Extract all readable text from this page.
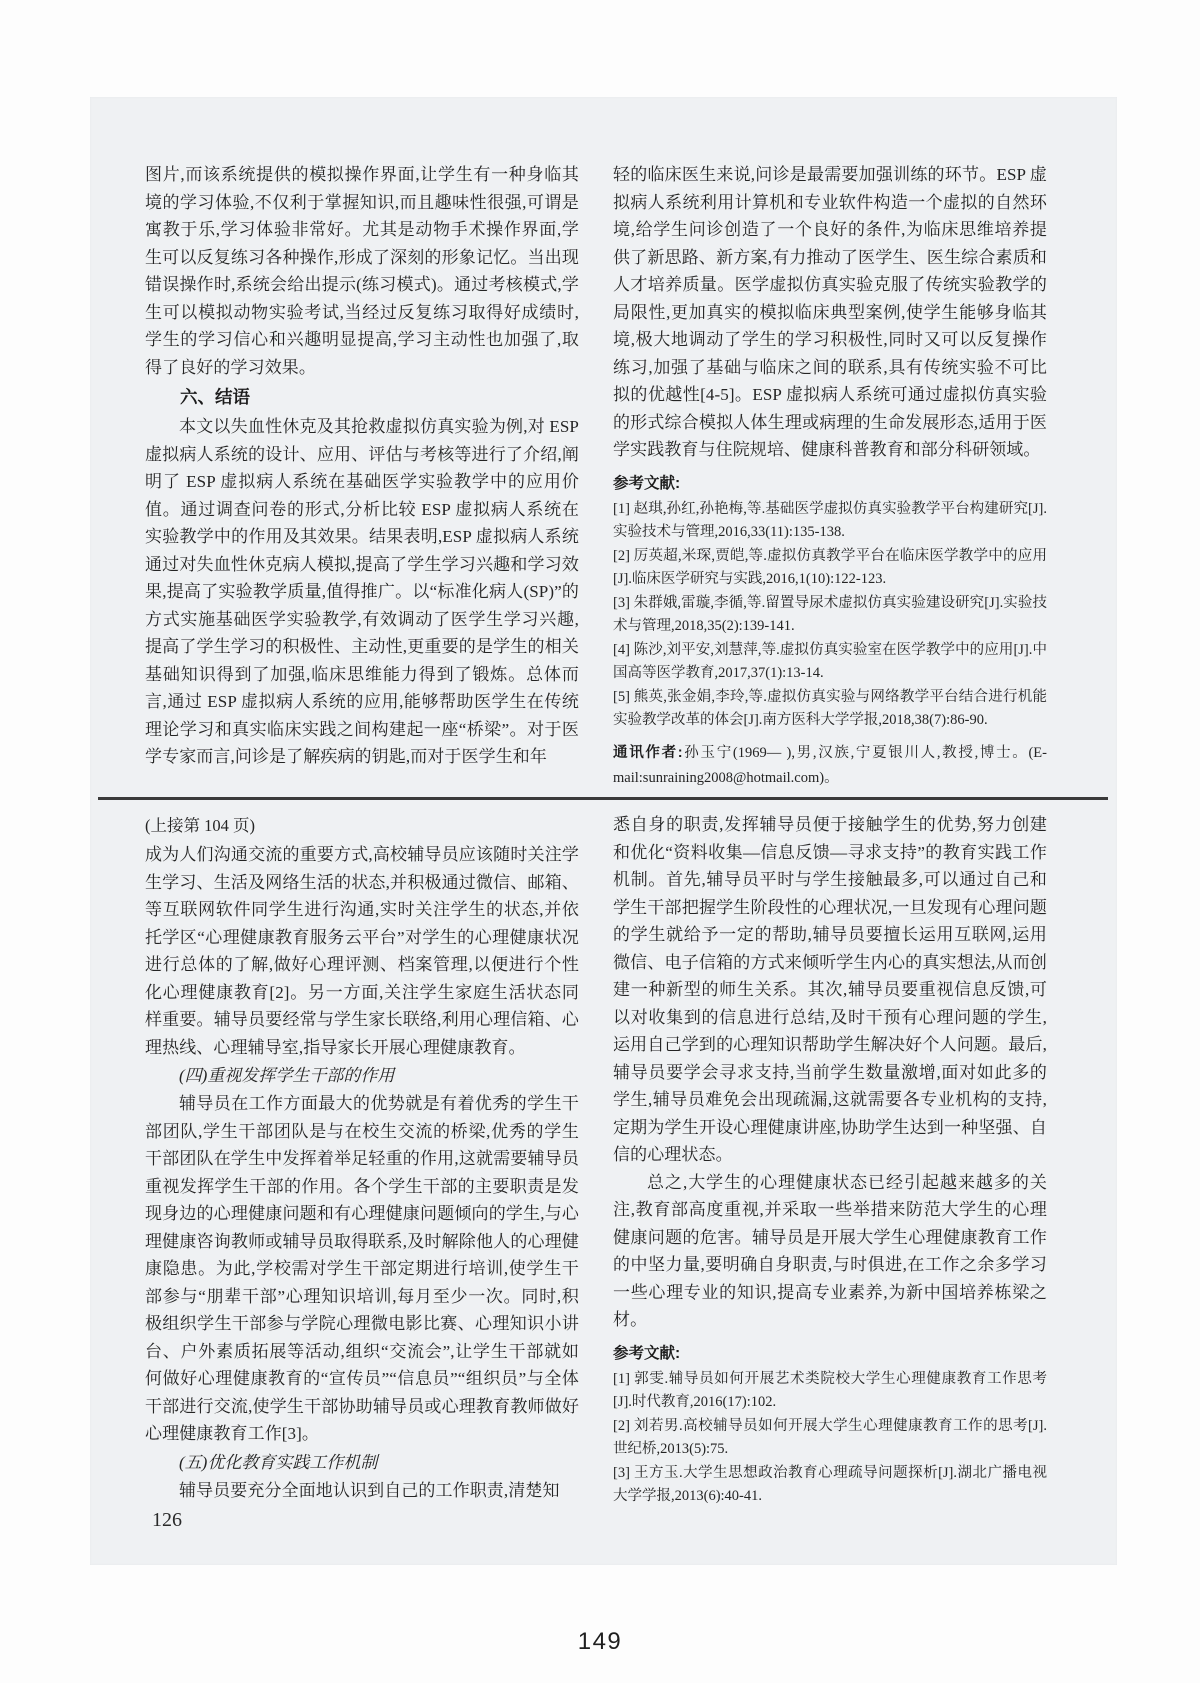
图片,而该系统提供的模拟操作界面,让学生有一种身临其境的学习体验,不仅利于掌握知识,而且趣味性很强,可谓是寓教于乐,学习体验非常好。尤其是动物手术操作界面,学生可以反复练习各种操作,形成了深刻的形象记忆。当出现错误操作时,系统会给出提示(练习模式)。通过考核模式,学生可以模拟动物实验考试,当经过反复练习取得好成绩时,学生的学习信心和兴趣明显提高,学习主动性也加强了,取得了良好的学习效果。

六、结语

本文以失血性休克及其抢救虚拟仿真实验为例,对 ESP 虚拟病人系统的设计、应用、评估与考核等进行了介绍,阐明了 ESP 虚拟病人系统在基础医学实验教学中的应用价值。通过调查问卷的形式,分析比较 ESP 虚拟病人系统在实验教学中的作用及其效果。结果表明,ESP 虚拟病人系统通过对失血性休克病人模拟,提高了学生学习兴趣和学习效果,提高了实验教学质量,值得推广。以“标准化病人(SP)”的方式实施基础医学实验教学,有效调动了医学生学习兴趣,提高了学生学习的积极性、主动性,更重要的是学生的相关基础知识得到了加强,临床思维能力得到了锻炼。总体而言,通过 ESP 虚拟病人系统的应用,能够帮助医学生在传统理论学习和真实临床实践之间构建起一座“桥梁”。对于医学专家而言,问诊是了解疾病的钥匙,而对于医学生和年

轻的临床医生来说,问诊是最需要加强训练的环节。ESP 虚拟病人系统利用计算机和专业软件构造一个虚拟的自然环境,给学生问诊创造了一个良好的条件,为临床思维培养提供了新思路、新方案,有力推动了医学生、医生综合素质和人才培养质量。医学虚拟仿真实验克服了传统实验教学的局限性,更加真实的模拟临床典型案例,使学生能够身临其境,极大地调动了学生的学习积极性,同时又可以反复操作练习,加强了基础与临床之间的联系,具有传统实验不可比拟的优越性[4-5]。ESP 虚拟病人系统可通过虚拟仿真实验的形式综合模拟人体生理或病理的生命发展形态,适用于医学实践教育与住院规培、健康科普教育和部分科研领域。

参考文献:

[1] 赵琪,孙红,孙艳梅,等.基础医学虚拟仿真实验教学平台构建研究[J].实验技术与管理,2016,33(11):135-138.

[2] 厉英超,米琛,贾皑,等.虚拟仿真教学平台在临床医学教学中的应用[J].临床医学研究与实践,2016,1(10):122-123.

[3] 朱群娥,雷璇,李循,等.留置导尿术虚拟仿真实验建设研究[J].实验技术与管理,2018,35(2):139-141.

[4] 陈沙,刘平安,刘慧萍,等.虚拟仿真实验室在医学教学中的应用[J].中国高等医学教育,2017,37(1):13-14.

[5] 熊英,张金娟,李玲,等.虚拟仿真实验与网络教学平台结合进行机能实验教学改革的体会[J].南方医科大学学报,2018,38(7):86-90.

通讯作者:孙玉宁(1969— ),男,汉族,宁夏银川人,教授,博士。(E-mail:sunraining2008@hotmail.com)。

(上接第 104 页)

成为人们沟通交流的重要方式,高校辅导员应该随时关注学生学习、生活及网络生活的状态,并积极通过微信、邮箱、等互联网软件同学生进行沟通,实时关注学生的状态,并依托学区“心理健康教育服务云平台”对学生的心理健康状况进行总体的了解,做好心理评测、档案管理,以便进行个性化心理健康教育[2]。另一方面,关注学生家庭生活状态同样重要。辅导员要经常与学生家长联络,利用心理信箱、心理热线、心理辅导室,指导家长开展心理健康教育。

(四)重视发挥学生干部的作用

辅导员在工作方面最大的优势就是有着优秀的学生干部团队,学生干部团队是与在校生交流的桥梁,优秀的学生干部团队在学生中发挥着举足轻重的作用,这就需要辅导员重视发挥学生干部的作用。各个学生干部的主要职责是发现身边的心理健康问题和有心理健康问题倾向的学生,与心理健康咨询教师或辅导员取得联系,及时解除他人的心理健康隐患。为此,学校需对学生干部定期进行培训,使学生干部参与“朋辈干部”心理知识培训,每月至少一次。同时,积极组织学生干部参与学院心理微电影比赛、心理知识小讲台、户外素质拓展等活动,组织“交流会”,让学生干部就如何做好心理健康教育的“宣传员”“信息员”“组织员”与全体干部进行交流,使学生干部协助辅导员或心理教育教师做好心理健康教育工作[3]。

(五)优化教育实践工作机制

辅导员要充分全面地认识到自己的工作职责,清楚知

悉自身的职责,发挥辅导员便于接触学生的优势,努力创建和优化“资料收集—信息反馈—寻求支持”的教育实践工作机制。首先,辅导员平时与学生接触最多,可以通过自己和学生干部把握学生阶段性的心理状况,一旦发现有心理问题的学生就给予一定的帮助,辅导员要擅长运用互联网,运用微信、电子信箱的方式来倾听学生内心的真实想法,从而创建一种新型的师生关系。其次,辅导员要重视信息反馈,可以对收集到的信息进行总结,及时干预有心理问题的学生,运用自己学到的心理知识帮助学生解决好个人问题。最后,辅导员要学会寻求支持,当前学生数量激增,面对如此多的学生,辅导员难免会出现疏漏,这就需要各专业机构的支持,定期为学生开设心理健康讲座,协助学生达到一种坚强、自信的心理状态。

总之,大学生的心理健康状态已经引起越来越多的关注,教育部高度重视,并采取一些举措来防范大学生的心理健康问题的危害。辅导员是开展大学生心理健康教育工作的中坚力量,要明确自身职责,与时俱进,在工作之余多学习一些心理专业的知识,提高专业素养,为新中国培养栋梁之材。

参考文献:

[1] 郭雯.辅导员如何开展艺术类院校大学生心理健康教育工作思考[J].时代教育,2016(17):102.

[2] 刘若男.高校辅导员如何开展大学生心理健康教育工作的思考[J].世纪桥,2013(5):75.

[3] 王方玉.大学生思想政治教育心理疏导问题探析[J].湖北广播电视大学学报,2013(6):40-41.

126
149
